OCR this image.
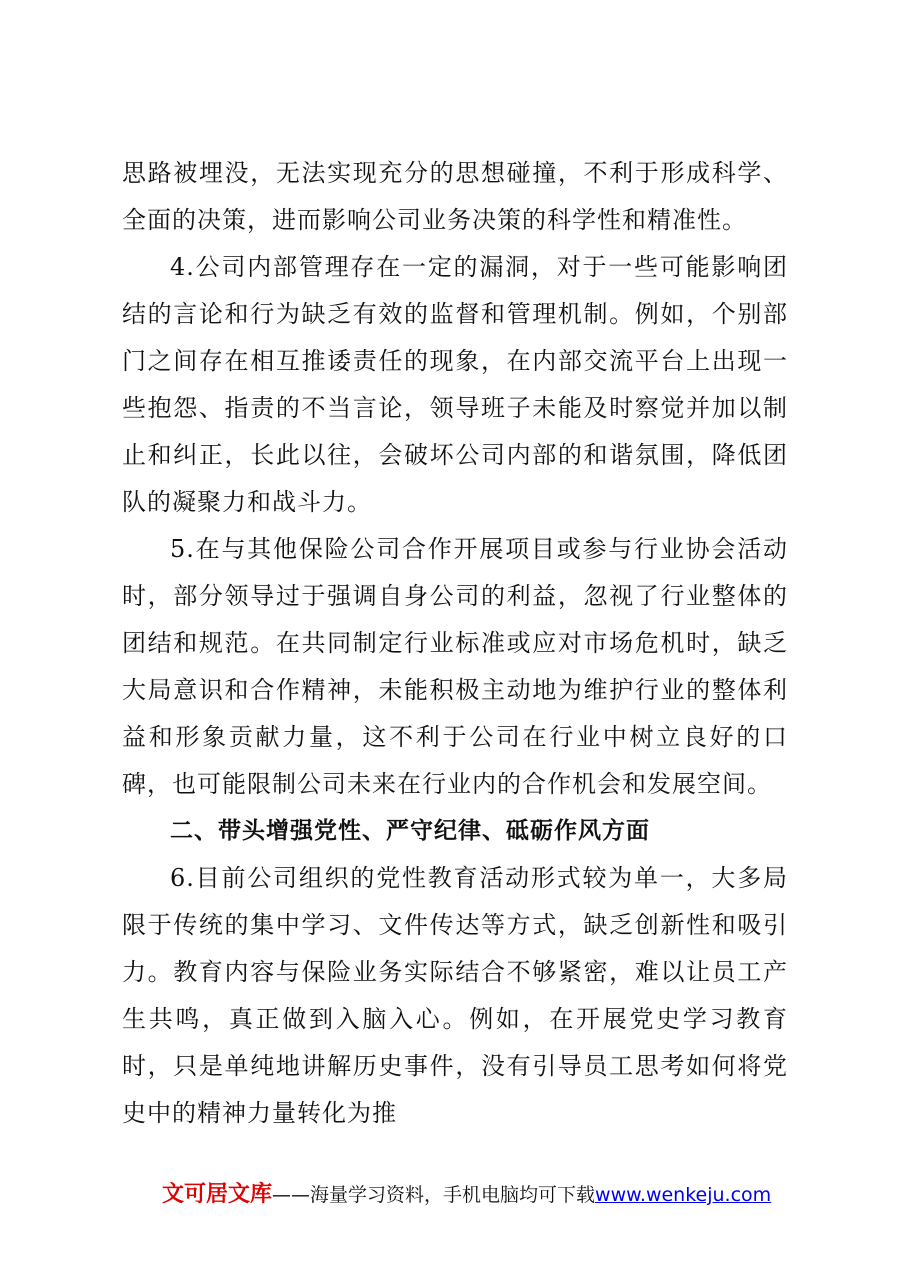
思路被埋没，无法实现充分的思想碰撞，不利于形成科学、全面的决策，进而影响公司业务决策的科学性和精准性。

4.公司内部管理存在一定的漏洞，对于一些可能影响团结的言论和行为缺乏有效的监督和管理机制。例如，个别部门之间存在相互推诿责任的现象，在内部交流平台上出现一些抱怨、指责的不当言论，领导班子未能及时察觉并加以制止和纠正，长此以往，会破坏公司内部的和谐氛围，降低团队的凝聚力和战斗力。

5.在与其他保险公司合作开展项目或参与行业协会活动时，部分领导过于强调自身公司的利益，忽视了行业整体的团结和规范。在共同制定行业标准或应对市场危机时，缺乏大局意识和合作精神，未能积极主动地为维护行业的整体利益和形象贡献力量，这不利于公司在行业中树立良好的口碑，也可能限制公司未来在行业内的合作机会和发展空间。

二、带头增强党性、严守纪律、砥砺作风方面

6.目前公司组织的党性教育活动形式较为单一，大多局限于传统的集中学习、文件传达等方式，缺乏创新性和吸引力。教育内容与保险业务实际结合不够紧密，难以让员工产生共鸣，真正做到入脑入心。例如，在开展党史学习教育时，只是单纯地讲解历史事件，没有引导员工思考如何将党史中的精神力量转化为推

文可居文库——海量学习资料，手机电脑均可下载www.wenkeju.com
